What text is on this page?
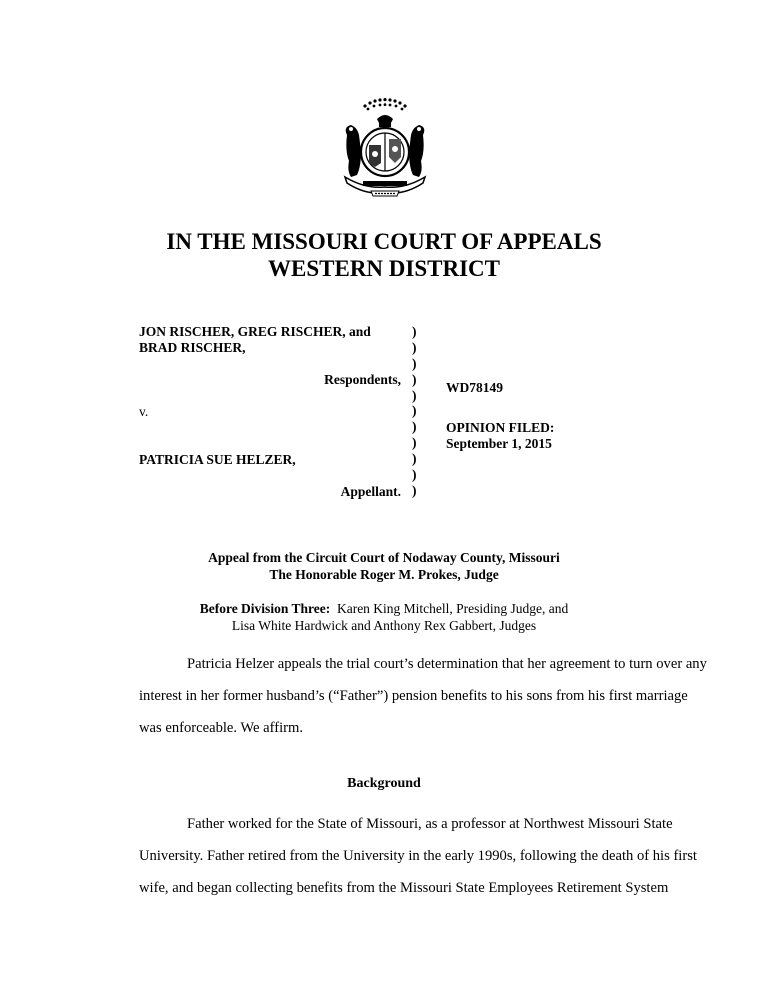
IN THE MISSOURI COURT OF APPEALS
WESTERN DISTRICT
JON RISCHER, GREG RISCHER, and
BRAD RISCHER,
Respondents,
v.
PATRICIA SUE HELZER,
Appellant.
)
)
)
)
)
)
)
)
)
)
)
WD78149
OPINION FILED:
September 1, 2015
Appeal from the Circuit Court of Nodaway County, Missouri
The Honorable Roger M. Prokes, Judge
Before Division Three: Karen King Mitchell, Presiding Judge, and
Lisa White Hardwick and Anthony Rex Gabbert, Judges
Patricia Helzer appeals the trial court’s determination that her agreement to turn over any
interest in her former husband’s (“Father”) pension benefits to his sons from his first marriage
was enforceable. We affirm.
Background
Father worked for the State of Missouri, as a professor at Northwest Missouri State
University. Father retired from the University in the early 1990s, following the death of his first
wife, and began collecting benefits from the Missouri State Employees Retirement System
